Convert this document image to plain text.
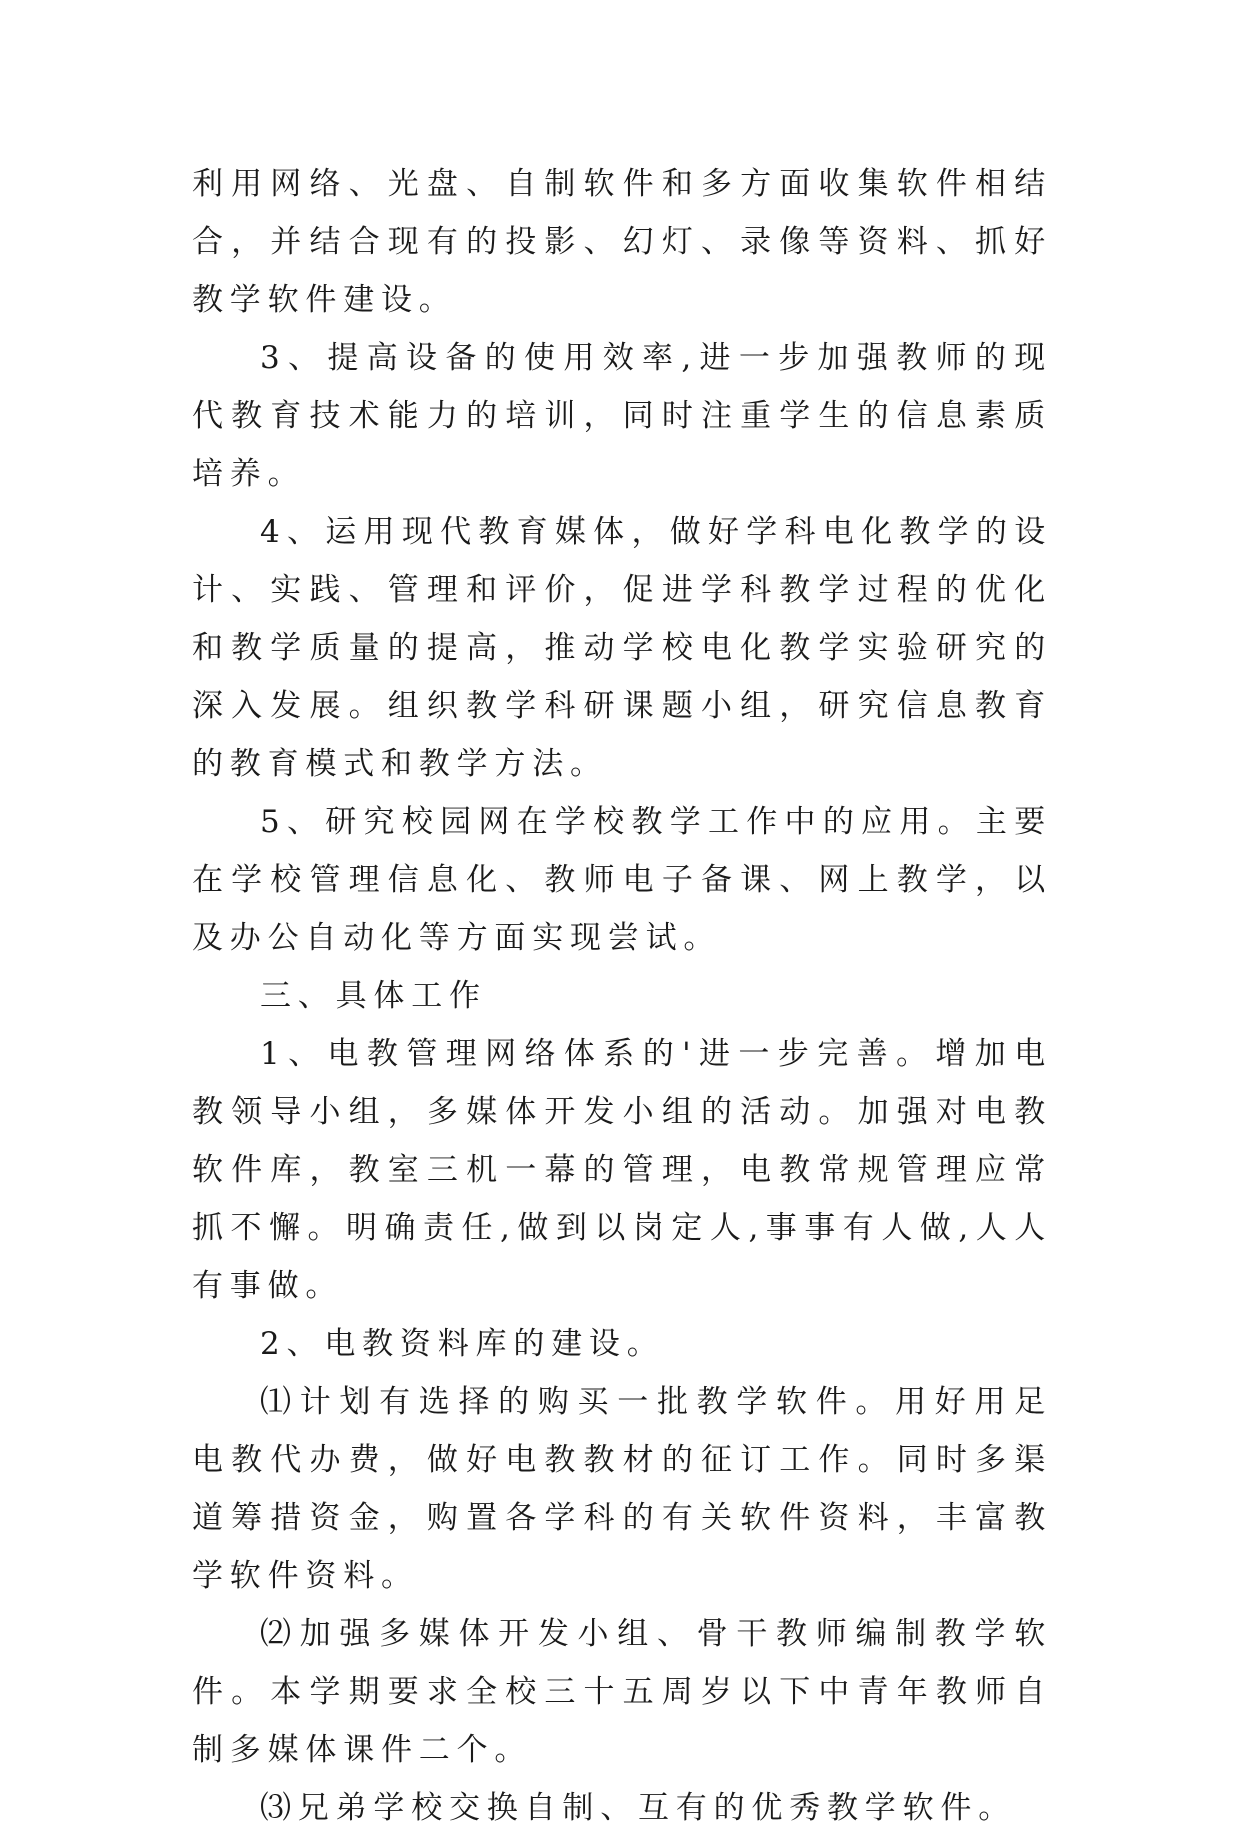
利用网络、光盘、自制软件和多方面收集软件相结合，并结合现有的投影、幻灯、录像等资料、抓好教学软件建设。

3、提高设备的使用效率,进一步加强教师的现代教育技术能力的培训，同时注重学生的信息素质培养。

4、运用现代教育媒体，做好学科电化教学的设计、实践、管理和评价，促进学科教学过程的优化和教学质量的提高，推动学校电化教学实验研究的深入发展。组织教学科研课题小组，研究信息教育的教育模式和教学方法。

5、研究校园网在学校教学工作中的应用。主要在学校管理信息化、教师电子备课、网上教学，以及办公自动化等方面实现尝试。

三、具体工作

1、电教管理网络体系的'进一步完善。增加电教领导小组，多媒体开发小组的活动。加强对电教软件库，教室三机一幕的管理，电教常规管理应常抓不懈。明确责任,做到以岗定人,事事有人做,人人有事做。

2、电教资料库的建设。

⑴计划有选择的购买一批教学软件。用好用足电教代办费，做好电教教材的征订工作。同时多渠道筹措资金，购置各学科的有关软件资料，丰富教学软件资料。

⑵加强多媒体开发小组、骨干教师编制教学软件。本学期要求全校三十五周岁以下中青年教师自制多媒体课件二个。

⑶兄弟学校交换自制、互有的优秀教学软件。
